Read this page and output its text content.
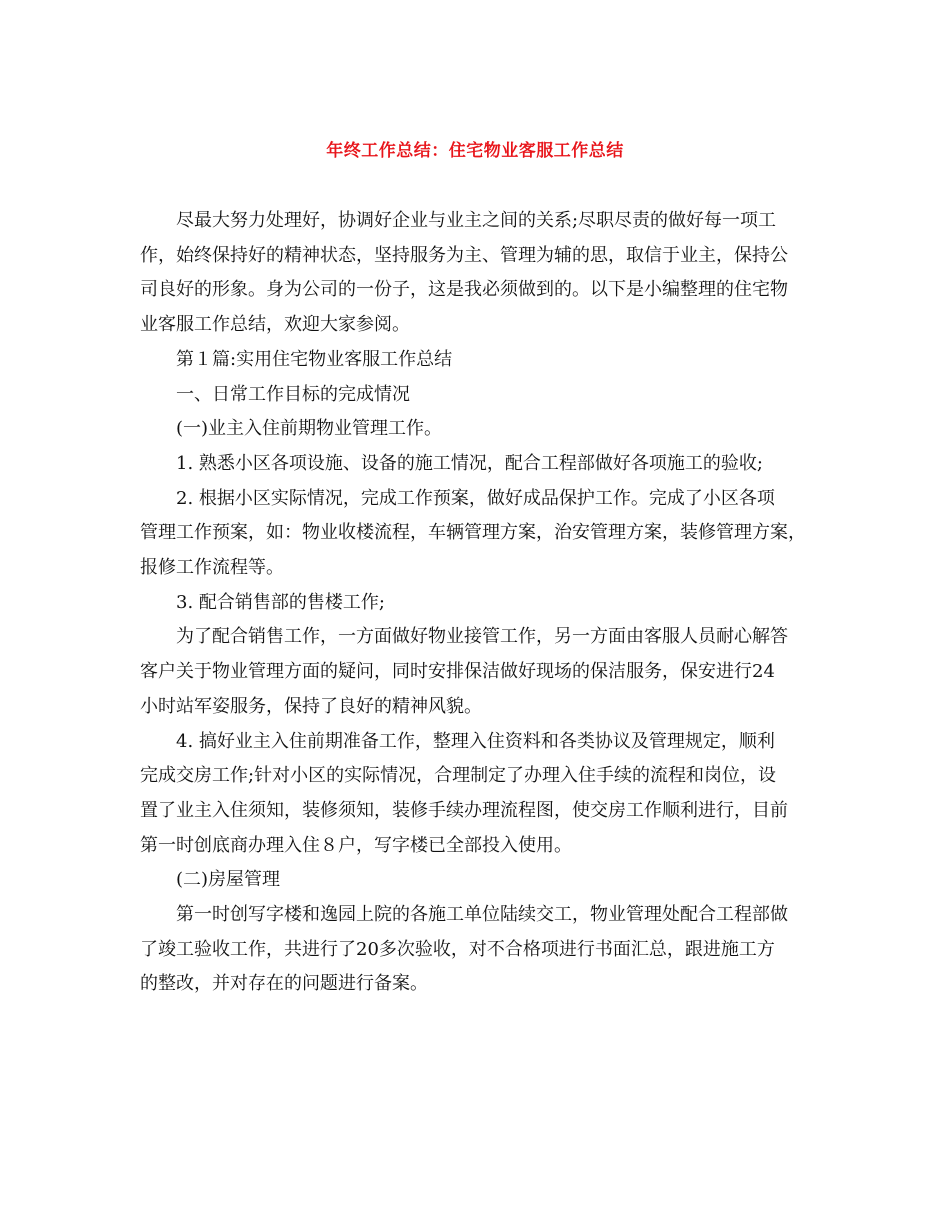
年终工作总结：住宅物业客服工作总结
尽最大努力处理好，协调好企业与业主之间的关系;尽职尽责的做好每一项工
作，始终保持好的精神状态，坚持服务为主、管理为辅的思，取信于业主，保持公
司良好的形象。身为公司的一份子，这是我必须做到的。以下是小编整理的住宅物
业客服工作总结，欢迎大家参阅。
第１篇:实用住宅物业客服工作总结
一、日常工作目标的完成情况
(一)业主入住前期物业管理工作。
1. 熟悉小区各项设施、设备的施工情况，配合工程部做好各项施工的验收;
2. 根据小区实际情况，完成工作预案，做好成品保护工作。完成了小区各项
管理工作预案，如：物业收楼流程，车辆管理方案，治安管理方案，装修管理方案，
报修工作流程等。
3. 配合销售部的售楼工作;
为了配合销售工作，一方面做好物业接管工作，另一方面由客服人员耐心解答
客户关于物业管理方面的疑问，同时安排保洁做好现场的保洁服务，保安进行24
小时站军姿服务，保持了良好的精神风貌。
4. 搞好业主入住前期准备工作，整理入住资料和各类协议及管理规定，顺利
完成交房工作;针对小区的实际情况，合理制定了办理入住手续的流程和岗位，设
置了业主入住须知，装修须知，装修手续办理流程图，使交房工作顺利进行，目前
第一时创底商办理入住８户，写字楼已全部投入使用。
(二)房屋管理
第一时创写字楼和逸园上院的各施工单位陆续交工，物业管理处配合工程部做
了竣工验收工作，共进行了20多次验收，对不合格项进行书面汇总，跟进施工方
的整改，并对存在的问题进行备案。
